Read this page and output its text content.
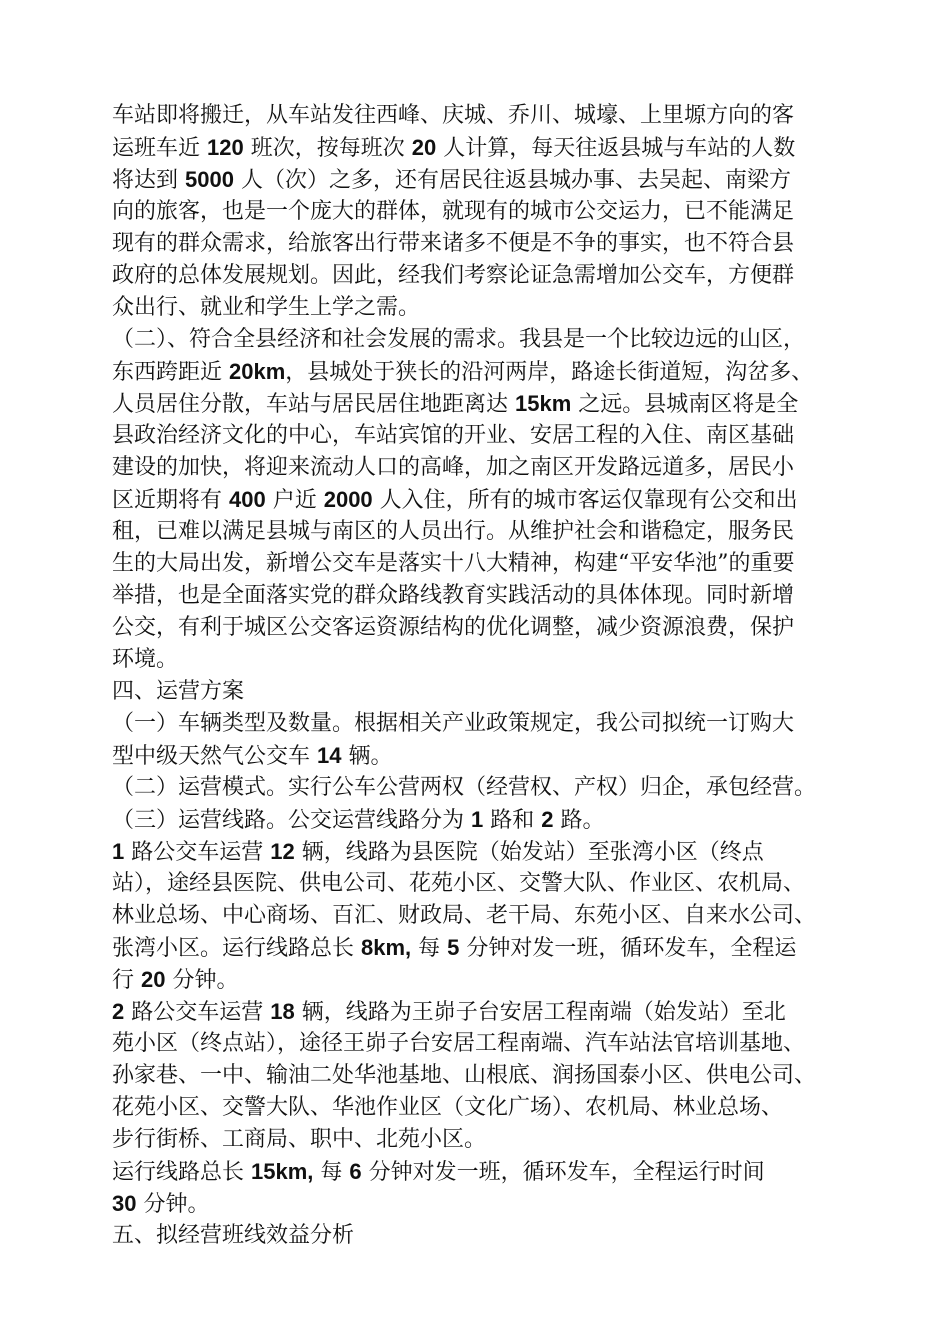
车站即将搬迁，从车站发往西峰、庆城、乔川、城壕、上里塬方向的客
运班车近 120 班次，按每班次 20 人计算，每天往返县城与车站的人数
将达到 5000 人（次）之多，还有居民往返县城办事、去吴起、南梁方
向的旅客，也是一个庞大的群体，就现有的城市公交运力，已不能满足
现有的群众需求，给旅客出行带来诸多不便是不争的事实，也不符合县
政府的总体发展规划。因此，经我们考察论证急需增加公交车，方便群
众出行、就业和学生上学之需。
（二）、符合全县经济和社会发展的需求。我县是一个比较边远的山区，
东西跨距近 20km，县城处于狭长的沿河两岸，路途长街道短，沟岔多、
人员居住分散，车站与居民居住地距离达 15km 之远。县城南区将是全
县政治经济文化的中心，车站宾馆的开业、安居工程的入住、南区基础
建设的加快，将迎来流动人口的高峰，加之南区开发路远道多，居民小
区近期将有 400 户近 2000 人入住，所有的城市客运仅靠现有公交和出
租，已难以满足县城与南区的人员出行。从维护社会和谐稳定，服务民
生的大局出发，新增公交车是落实十八大精神，构建“平安华池”的重要
举措，也是全面落实党的群众路线教育实践活动的具体体现。同时新增
公交，有利于城区公交客运资源结构的优化调整，减少资源浪费，保护
环境。
四、运营方案
（一）车辆类型及数量。根据相关产业政策规定，我公司拟统一订购大
型中级天然气公交车 14 辆。
（二）运营模式。实行公车公营两权（经营权、产权）归企，承包经营。
（三）运营线路。公交运营线路分为 1 路和 2 路。
1 路公交车运营 12 辆，线路为县医院（始发站）至张湾小区（终点
站），途经县医院、供电公司、花苑小区、交警大队、作业区、农机局、
林业总场、中心商场、百汇、财政局、老干局、东苑小区、自来水公司、
张湾小区。运行线路总长 8km, 每 5 分钟对发一班，循环发车，全程运
行 20 分钟。
2 路公交车运营 18 辆，线路为王峁子台安居工程南端（始发站）至北
苑小区（终点站），途径王峁子台安居工程南端、汽车站法官培训基地、
孙家巷、一中、输油二处华池基地、山根底、润扬国泰小区、供电公司、
花苑小区、交警大队、华池作业区（文化广场）、农机局、林业总场、
步行街桥、工商局、职中、北苑小区。
运行线路总长 15km, 每 6 分钟对发一班，循环发车，全程运行时间
30 分钟。
五、拟经营班线效益分析
